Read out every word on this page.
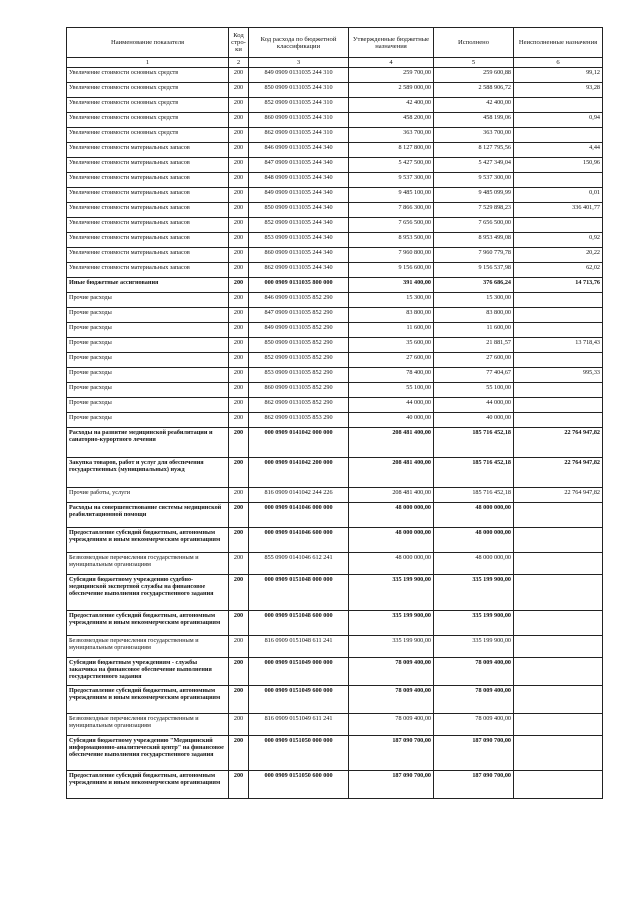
Наименование показателя	Код стро-ки	Код расхода по бюджетной классификации	Утвержденные бюджетные назначения	Исполнено	Неисполненные назначения
1	2	3	4	5	6
Увеличение стоимости основных средств	200	849 0909 0131035 244 310	259 700,00	259 600,88	99,12
Увеличение стоимости основных средств	200	850 0909 0131035 244 310	2 589 000,00	2 588 906,72	93,28
Увеличение стоимости основных средств	200	852 0909 0131035 244 310	42 400,00	42 400,00	
Увеличение стоимости основных средств	200	860 0909 0131035 244 310	458 200,00	458 199,06	0,94
Увеличение стоимости основных средств	200	862 0909 0131035 244 310	363 700,00	363 700,00	
Увеличение стоимости материальных запасов	200	846 0909 0131035 244 340	8 127 800,00	8 127 795,56	4,44
Увеличение стоимости материальных запасов	200	847 0909 0131035 244 340	5 427 500,00	5 427 349,04	150,96
Увеличение стоимости материальных запасов	200	848 0909 0131035 244 340	9 537 300,00	9 537 300,00	
Увеличение стоимости материальных запасов	200	849 0909 0131035 244 340	9 485 100,00	9 485 099,99	0,01
Увеличение стоимости материальных запасов	200	850 0909 0131035 244 340	7 866 300,00	7 529 898,23	336 401,77
Увеличение стоимости материальных запасов	200	852 0909 0131035 244 340	7 656 500,00	7 656 500,00	
Увеличение стоимости материальных запасов	200	853 0909 0131035 244 340	8 953 500,00	8 953 499,08	0,92
Увеличение стоимости материальных запасов	200	860 0909 0131035 244 340	7 960 800,00	7 960 779,78	20,22
Увеличение стоимости материальных запасов	200	862 0909 0131035 244 340	9 156 600,00	9 156 537,98	62,02
Иные бюджетные ассигнования	200	000 0909 0131035 800 000	391 400,00	376 686,24	14 713,76
Прочие расходы	200	846 0909 0131035 852 290	15 300,00	15 300,00	
Прочие расходы	200	847 0909 0131035 852 290	83 800,00	83 800,00	
Прочие расходы	200	849 0909 0131035 852 290	11 600,00	11 600,00	
Прочие расходы	200	850 0909 0131035 852 290	35 600,00	21 881,57	13 718,43
Прочие расходы	200	852 0909 0131035 852 290	27 600,00	27 600,00	
Прочие расходы	200	853 0909 0131035 852 290	78 400,00	77 404,67	995,33
Прочие расходы	200	860 0909 0131035 852 290	55 100,00	55 100,00	
Прочие расходы	200	862 0909 0131035 852 290	44 000,00	44 000,00	
Прочие расходы	200	862 0909 0131035 853 290	40 000,00	40 000,00	
Расходы на развитие медицинской реабилитации и санаторно-курортного лечения	200	000 0909 0141042 000 000	208 481 400,00	185 716 452,18	22 764 947,82
Закупка товаров, работ и услуг для обеспечения государственных (муниципальных) нужд	200	000 0909 0141042 200 000	208 481 400,00	185 716 452,18	22 764 947,82
Прочие работы, услуги	200	816 0909 0141042 244 226	208 481 400,00	185 716 452,18	22 764 947,82
Расходы на совершенствование системы медицинской реабилитационной помощи	200	000 0909 0141046 000 000	48 000 000,00	48 000 000,00	
Предоставление субсидий бюджетным, автономным учреждениям и иным некоммерческим организациям	200	000 0909 0141046 600 000	48 000 000,00	48 000 000,00	
Безвозмездные перечисления государственным и муниципальным организациям	200	855 0909 0141046 612 241	48 000 000,00	48 000 000,00	
Субсидия бюджетному учреждению судебно-медицинской экспертной службы на финансовое обеспечение выполнения государственного задания	200	000 0909 0151048 000 000	335 199 900,00	335 199 900,00	
Предоставление субсидий бюджетным, автономным учреждениям и иным некоммерческим организациям	200	000 0909 0151048 600 000	335 199 900,00	335 199 900,00	
Безвозмездные перечисления государственным и муниципальным организациям	200	816 0909 0151048 611 241	335 199 900,00	335 199 900,00	
Субсидии бюджетным учреждениям - службы заказчика на финансовое обеспечение выполнения государственного задания	200	000 0909 0151049 000 000	78 009 400,00	78 009 400,00	
Предоставление субсидий бюджетным, автономным учреждениям и иным некоммерческим организациям	200	000 0909 0151049 600 000	78 009 400,00	78 009 400,00	
Безвозмездные перечисления государственным и муниципальным организациям	200	816 0909 0151049 611 241	78 009 400,00	78 009 400,00	
Субсидия бюджетному учреждению "Медицинский информационно-аналитический центр" на финансовое обеспечение выполнения государственного задания	200	000 0909 0151050 000 000	187 090 700,00	187 090 700,00	
Предоставление субсидий бюджетным, автономным учреждениям и иным некоммерческим организациям	200	000 0909 0151050 600 000	187 090 700,00	187 090 700,00	
